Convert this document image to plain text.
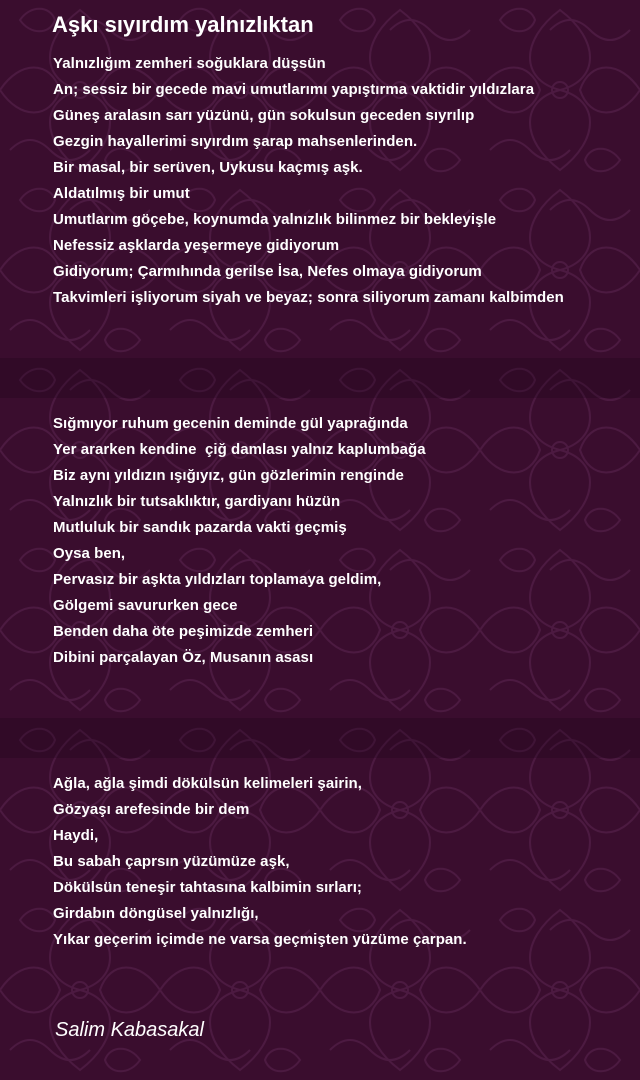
Aşkı sıyırdım yalnızlıktan
Yalnızlığım zemheri soğuklara düşsün
An; sessiz bir gecede mavi umutlarımı yapıştırma vaktidir yıldızlara
Güneş aralasın sarı yüzünü, gün sokulsun geceden sıyrılıp
Gezgin hayallerimi sıyırdım şarap mahsenlerinden.
Bir masal, bir serüven, Uykusu kaçmış aşk.
Aldatılmış bir umut
Umutlarım göçebe, koynumda yalnızlık bilinmez bir bekleyişle
Nefessiz aşklarda yeşermeye gidiyorum
Gidiyorum; Çarmıhında gerilse İsa, Nefes olmaya gidiyorum
Takvimleri işliyorum siyah ve beyaz; sonra siliyorum zamanı kalbimden
Sığmıyor ruhum gecenin deminde gül yaprağında
Yer ararken kendine  çiğ damlası yalnız kaplumbağa
Biz aynı yıldızın ışığıyız, gün gözlerimin renginde
Yalnızlık bir tutsaklıktır, gardiyanı hüzün
Mutluluk bir sandık pazarda vakti geçmiş
Oysa ben,
Pervasız bir aşkta yıldızları toplamaya geldim,
Gölgemi savururken gece
Benden daha öte peşimizde zemheri
Dibini parçalayan Öz, Musanın asası
Ağla, ağla şimdi dökülsün kelimeleri şairin,
Gözyaşı arefesinde bir dem
Haydi,
Bu sabah çaprsın yüzümüze aşk,
Dökülsün teneşir tahtasına kalbimin sırları;
Girdabın döngüsel yalnızlığı,
Yıkar geçerim içimde ne varsa geçmişten yüzüme çarpan.

Salim Kabasakal
